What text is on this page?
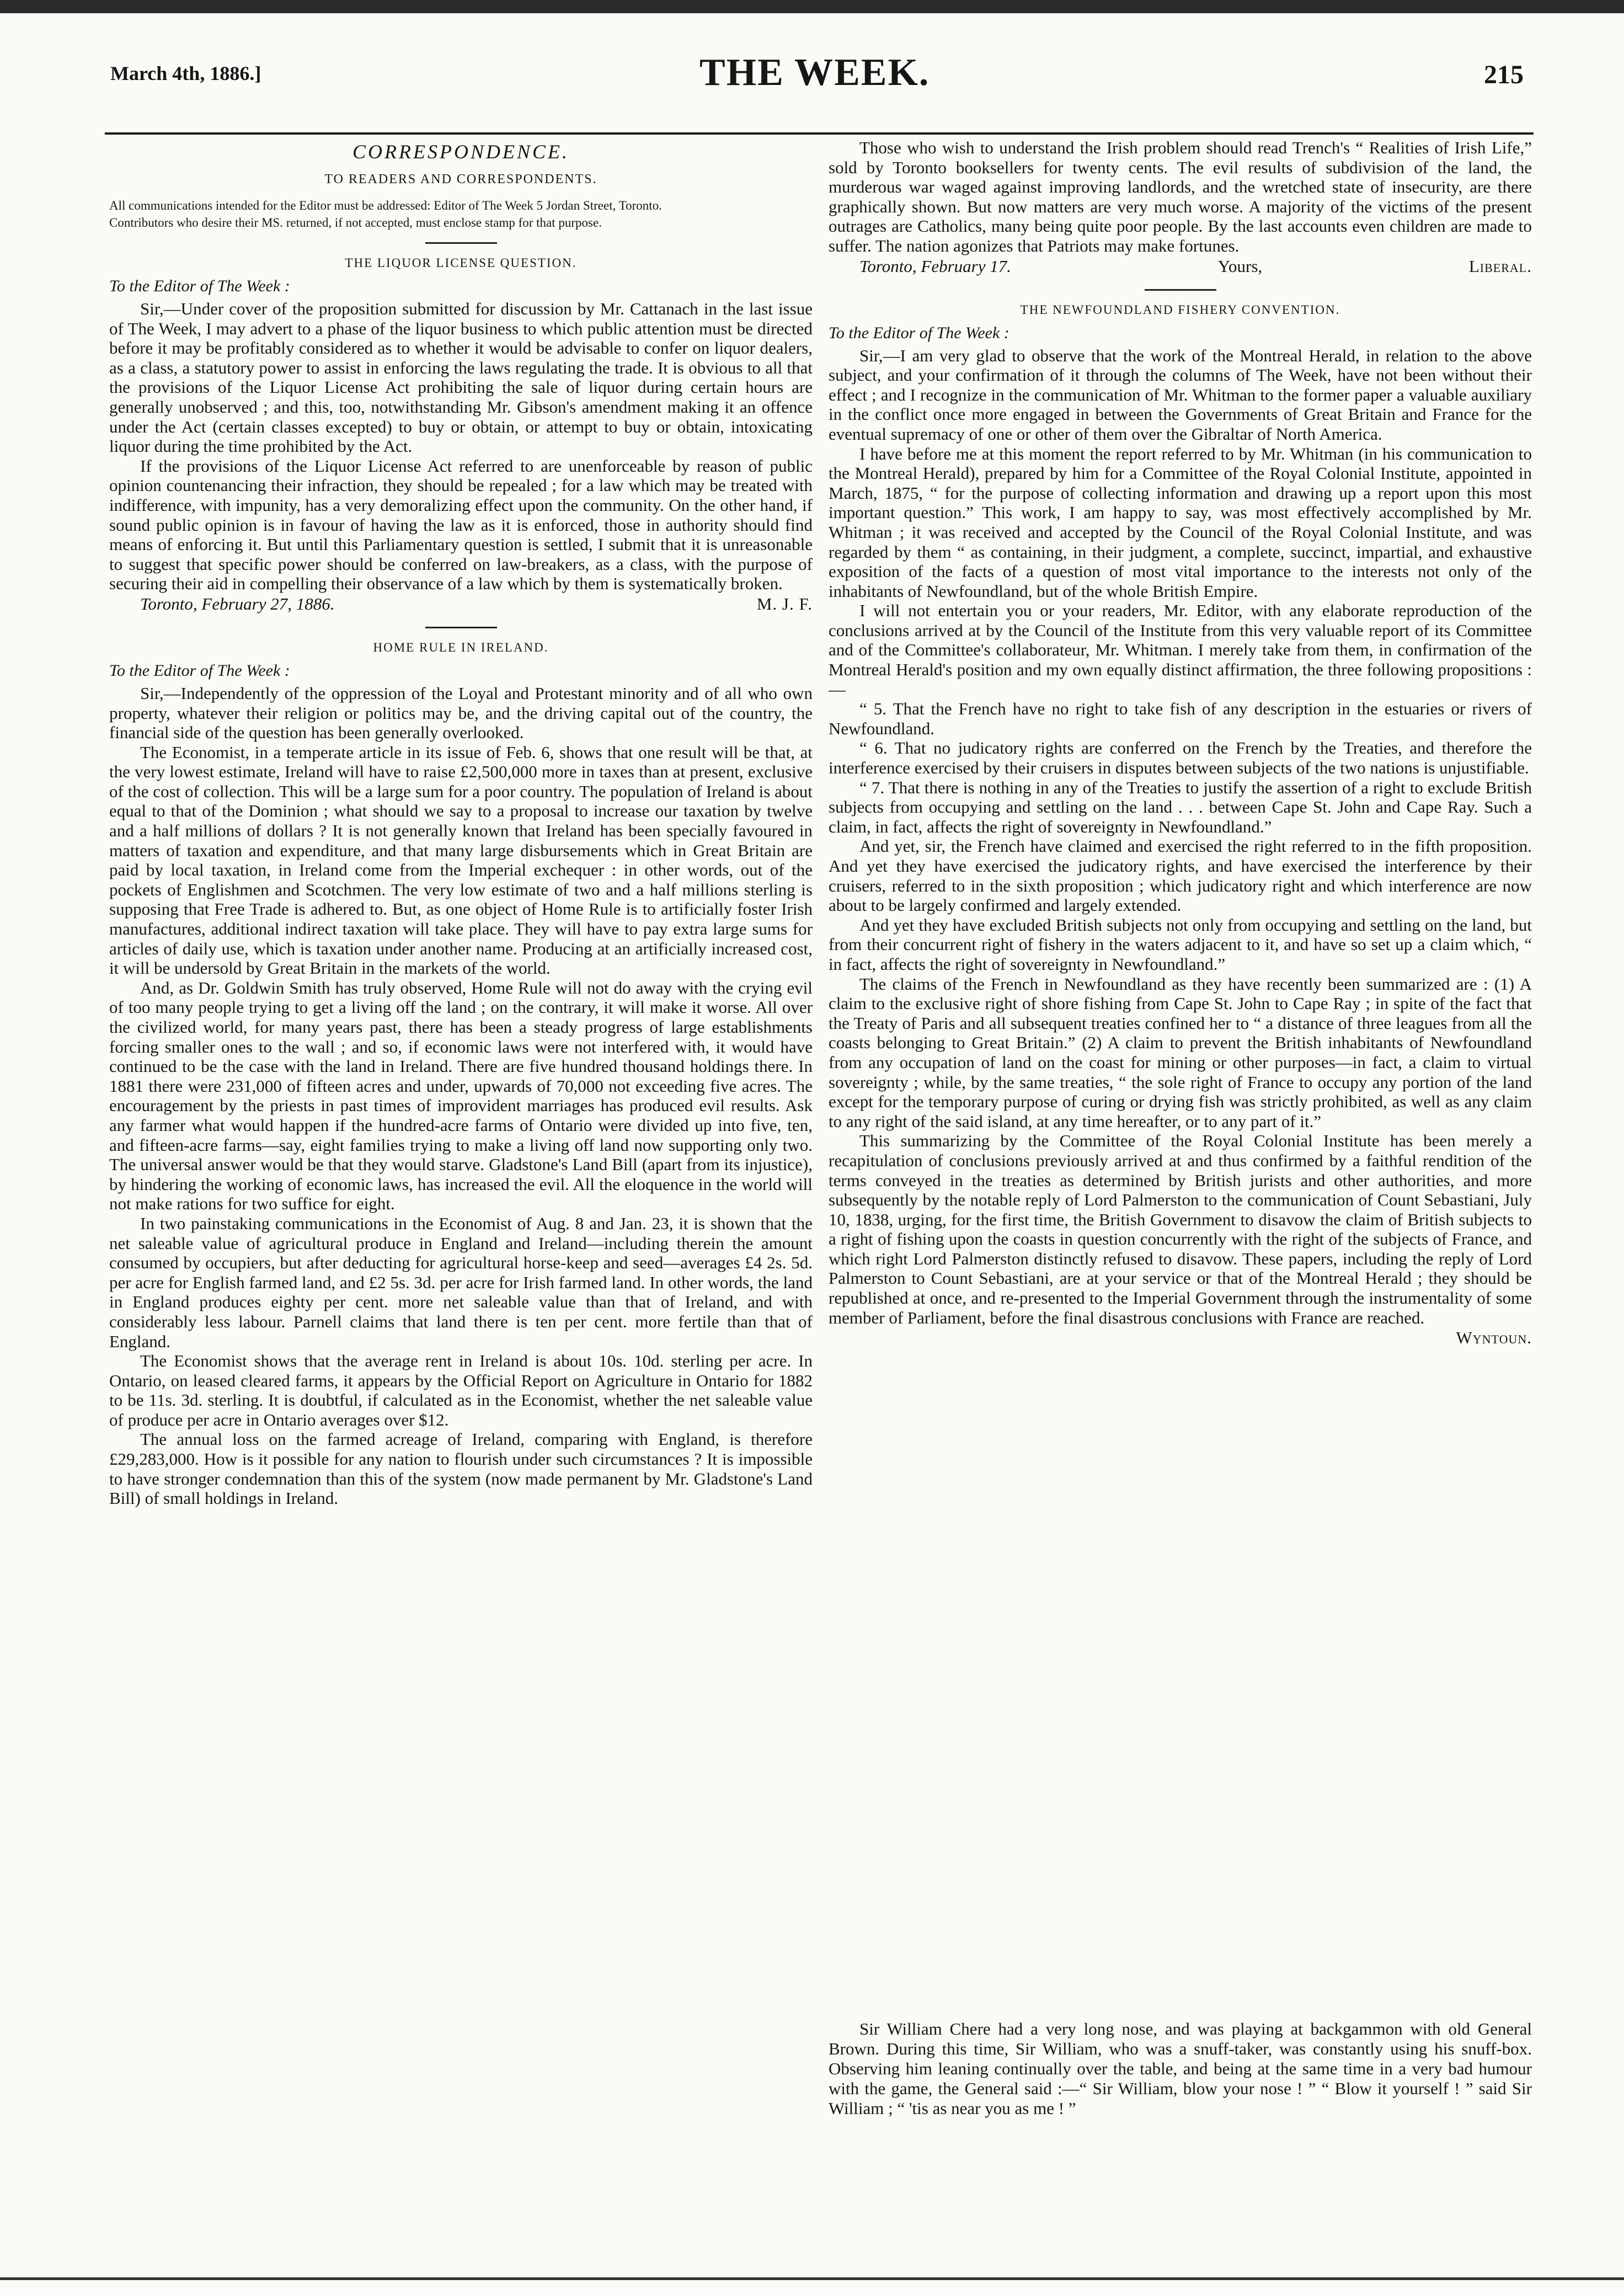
March 4th, 1886.]	THE WEEK.	215
CORRESPONDENCE.
TO READERS AND CORRESPONDENTS.
All communications intended for the Editor must be addressed: Editor of The Week 5 Jordan Street, Toronto.
Contributors who desire their MS. returned, if not accepted, must enclose stamp for that purpose.
THE LIQUOR LICENSE QUESTION.
To the Editor of The Week :

Sir,—Under cover of the proposition submitted for discussion by Mr. Cattanach in the last issue of The Week, I may advert to a phase of the liquor business to which public attention must be directed before it may be profitably considered as to whether it would be advisable to confer on liquor dealers, as a class, a statutory power to assist in enforcing the laws regulating the trade. It is obvious to all that the provisions of the Liquor License Act prohibiting the sale of liquor during certain hours are generally unobserved ; and this, too, notwithstanding Mr. Gibson's amendment making it an offence under the Act (certain classes excepted) to buy or obtain, or attempt to buy or obtain, intoxicating liquor during the time prohibited by the Act.

If the provisions of the Liquor License Act referred to are unenforceable by reason of public opinion countenancing their infraction, they should be repealed ; for a law which may be treated with indifference, with impunity, has a very demoralizing effect upon the community. On the other hand, if sound public opinion is in favour of having the law as it is enforced, those in authority should find means of enforcing it. But until this Parliamentary question is settled, I submit that it is unreasonable to suggest that specific power should be conferred on law-breakers, as a class, with the purpose of securing their aid in compelling their observance of a law which by them is systematically broken.

Toronto, February 27, 1886.	M. J. F.
HOME RULE IN IRELAND.
To the Editor of The Week :

Sir,—Independently of the oppression of the Loyal and Protestant minority and of all who own property, whatever their religion or politics may be, and the driving capital out of the country, the financial side of the question has been generally overlooked.

The Economist, in a temperate article in its issue of Feb. 6, shows that one result will be that, at the very lowest estimate, Ireland will have to raise £2,500,000 more in taxes than at present, exclusive of the cost of collection. This will be a large sum for a poor country. The population of Ireland is about equal to that of the Dominion ; what should we say to a proposal to increase our taxation by twelve and a half millions of dollars ? It is not generally known that Ireland has been specially favoured in matters of taxation and expenditure, and that many large disbursements which in Great Britain are paid by local taxation, in Ireland come from the Imperial exchequer : in other words, out of the pockets of Englishmen and Scotchmen. The very low estimate of two and a half millions sterling is supposing that Free Trade is adhered to. But, as one object of Home Rule is to artificially foster Irish manufactures, additional indirect taxation will take place. They will have to pay extra large sums for articles of daily use, which is taxation under another name. Producing at an artificially increased cost, it will be undersold by Great Britain in the markets of the world.

And, as Dr. Goldwin Smith has truly observed, Home Rule will not do away with the crying evil of too many people trying to get a living off the land ; on the contrary, it will make it worse. All over the civilized world, for many years past, there has been a steady progress of large establishments forcing smaller ones to the wall ; and so, if economic laws were not interfered with, it would have continued to be the case with the land in Ireland. There are five hundred thousand holdings there. In 1881 there were 231,000 of fifteen acres and under, upwards of 70,000 not exceeding five acres. The encouragement by the priests in past times of improvident marriages has produced evil results. Ask any farmer what would happen if the hundred-acre farms of Ontario were divided up into five, ten, and fifteen-acre farms—say, eight families trying to make a living off land now supporting only two. The universal answer would be that they would starve. Gladstone's Land Bill (apart from its injustice), by hindering the working of economic laws, has increased the evil. All the eloquence in the world will not make rations for two suffice for eight.

In two painstaking communications in the Economist of Aug. 8 and Jan. 23, it is shown that the net saleable value of agricultural produce in England and Ireland—including therein the amount consumed by occupiers, but after deducting for agricultural horse-keep and seed—averages £4 2s. 5d. per acre for English farmed land, and £2 5s. 3d. per acre for Irish farmed land. In other words, the land in England produces eighty per cent. more net saleable value than that of Ireland, and with considerably less labour. Parnell claims that land there is ten per cent. more fertile than that of England.

The Economist shows that the average rent in Ireland is about 10s. 10d. sterling per acre. In Ontario, on leased cleared farms, it appears by the Official Report on Agriculture in Ontario for 1882 to be 11s. 3d. sterling. It is doubtful, if calculated as in the Economist, whether the net saleable value of produce per acre in Ontario averages over $12.

The annual loss on the farmed acreage of Ireland, comparing with England, is therefore £29,283,000. How is it possible for any nation to flourish under such circumstances ? It is impossible to have stronger condemnation than this of the system (now made permanent by Mr. Gladstone's Land Bill) of small holdings in Ireland.

Those who wish to understand the Irish problem should read Trench's “ Realities of Irish Life,” sold by Toronto booksellers for twenty cents. The evil results of subdivision of the land, the murderous war waged against improving landlords, and the wretched state of insecurity, are there graphically shown. But now matters are very much worse. A majority of the victims of the present outrages are Catholics, many being quite poor people. By the last accounts even children are made to suffer. The nation agonizes that Patriots may make fortunes.

Toronto, February 17.	Yours,	Liberal.
THE NEWFOUNDLAND FISHERY CONVENTION.
To the Editor of The Week :

Sir,—I am very glad to observe that the work of the Montreal Herald, in relation to the above subject, and your confirmation of it through the columns of The Week, have not been without their effect ; and I recognize in the communication of Mr. Whitman to the former paper a valuable auxiliary in the conflict once more engaged in between the Governments of Great Britain and France for the eventual supremacy of one or other of them over the Gibraltar of North America.

I have before me at this moment the report referred to by Mr. Whitman (in his communication to the Montreal Herald), prepared by him for a Committee of the Royal Colonial Institute, appointed in March, 1875, “ for the purpose of collecting information and drawing up a report upon this most important question.” This work, I am happy to say, was most effectively accomplished by Mr. Whitman ; it was received and accepted by the Council of the Royal Colonial Institute, and was regarded by them “ as containing, in their judgment, a complete, succinct, impartial, and exhaustive exposition of the facts of a question of most vital importance to the interests not only of the inhabitants of Newfoundland, but of the whole British Empire.

I will not entertain you or your readers, Mr. Editor, with any elaborate reproduction of the conclusions arrived at by the Council of the Institute from this very valuable report of its Committee and of the Committee's collaborateur, Mr. Whitman. I merely take from them, in confirmation of the Montreal Herald's position and my own equally distinct affirmation, the three following propositions :—

“ 5. That the French have no right to take fish of any description in the estuaries or rivers of Newfoundland.

“ 6. That no judicatory rights are conferred on the French by the Treaties, and therefore the interference exercised by their cruisers in disputes between subjects of the two nations is unjustifiable.

“ 7. That there is nothing in any of the Treaties to justify the assertion of a right to exclude British subjects from occupying and settling on the land . . . between Cape St. John and Cape Ray. Such a claim, in fact, affects the right of sovereignty in Newfoundland.”

And yet, sir, the French have claimed and exercised the right referred to in the fifth proposition. And yet they have exercised the judicatory rights, and have exercised the interference by their cruisers, referred to in the sixth proposition ; which judicatory right and which interference are now about to be largely confirmed and largely extended.

And yet they have excluded British subjects not only from occupying and settling on the land, but from their concurrent right of fishery in the waters adjacent to it, and have so set up a claim which, “ in fact, affects the right of sovereignty in Newfoundland.”

The claims of the French in Newfoundland as they have recently been summarized are : (1) A claim to the exclusive right of shore fishing from Cape St. John to Cape Ray ; in spite of the fact that the Treaty of Paris and all subsequent treaties confined her to “ a distance of three leagues from all the coasts belonging to Great Britain.” (2) A claim to prevent the British inhabitants of Newfoundland from any occupation of land on the coast for mining or other purposes—in fact, a claim to virtual sovereignty ; while, by the same treaties, “ the sole right of France to occupy any portion of the land except for the temporary purpose of curing or drying fish was strictly prohibited, as well as any claim to any right of the said island, at any time hereafter, or to any part of it.”

This summarizing by the Committee of the Royal Colonial Institute has been merely a recapitulation of conclusions previously arrived at and thus confirmed by a faithful rendition of the terms conveyed in the treaties as determined by British jurists and other authorities, and more subsequently by the notable reply of Lord Palmerston to the communication of Count Sebastiani, July 10, 1838, urging, for the first time, the British Government to disavow the claim of British subjects to a right of fishing upon the coasts in question concurrently with the right of the subjects of France, and which right Lord Palmerston distinctly refused to disavow. These papers, including the reply of Lord Palmerston to Count Sebastiani, are at your service or that of the Montreal Herald ; they should be republished at once, and re-presented to the Imperial Government through the instrumentality of some member of Parliament, before the final disastrous conclusions with France are reached.

Wyntoun.

Sir William Chere had a very long nose, and was playing at backgammon with old General Brown. During this time, Sir William, who was a snuff-taker, was constantly using his snuff-box. Observing him leaning continually over the table, and being at the same time in a very bad humour with the game, the General said :—“ Sir William, blow your nose ! ” “ Blow it yourself ! ” said Sir William ; “ 'tis as near you as me ! ”
